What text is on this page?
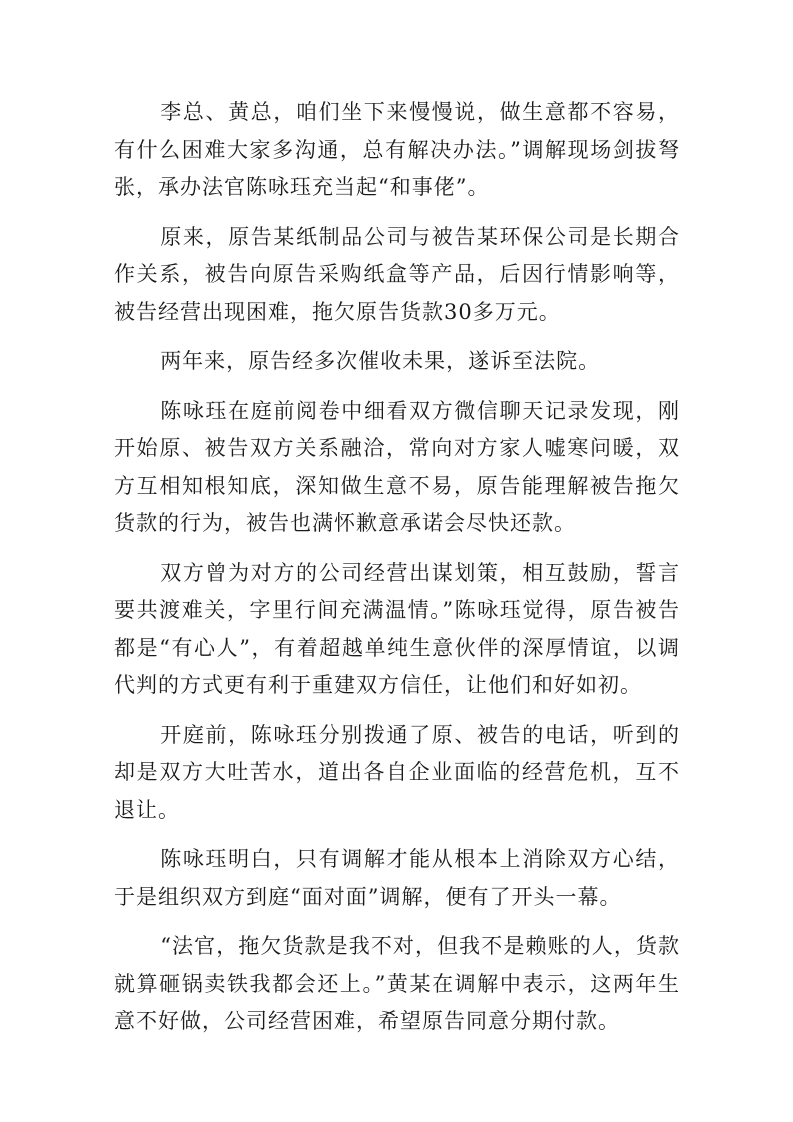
李总、黄总，咱们坐下来慢慢说，做生意都不容易，有什么困难大家多沟通，总有解决办法。”调解现场剑拔弩张，承办法官陈咏珏充当起“和事佬”。

原来，原告某纸制品公司与被告某环保公司是长期合作关系，被告向原告采购纸盒等产品，后因行情影响等，被告经营出现困难，拖欠原告货款30多万元。

两年来，原告经多次催收未果，遂诉至法院。

陈咏珏在庭前阅卷中细看双方微信聊天记录发现，刚开始原、被告双方关系融洽，常向对方家人嘘寒问暖，双方互相知根知底，深知做生意不易，原告能理解被告拖欠货款的行为，被告也满怀歉意承诺会尽快还款。

双方曾为对方的公司经营出谋划策，相互鼓励，誓言要共渡难关，字里行间充满温情。”陈咏珏觉得，原告被告都是“有心人”，有着超越单纯生意伙伴的深厚情谊，以调代判的方式更有利于重建双方信任，让他们和好如初。

开庭前，陈咏珏分别拨通了原、被告的电话，听到的却是双方大吐苦水，道出各自企业面临的经营危机，互不退让。

陈咏珏明白，只有调解才能从根本上消除双方心结，于是组织双方到庭“面对面”调解，便有了开头一幕。

“法官，拖欠货款是我不对，但我不是赖账的人，货款就算砸锅卖铁我都会还上。”黄某在调解中表示，这两年生意不好做，公司经营困难，希望原告同意分期付款。
